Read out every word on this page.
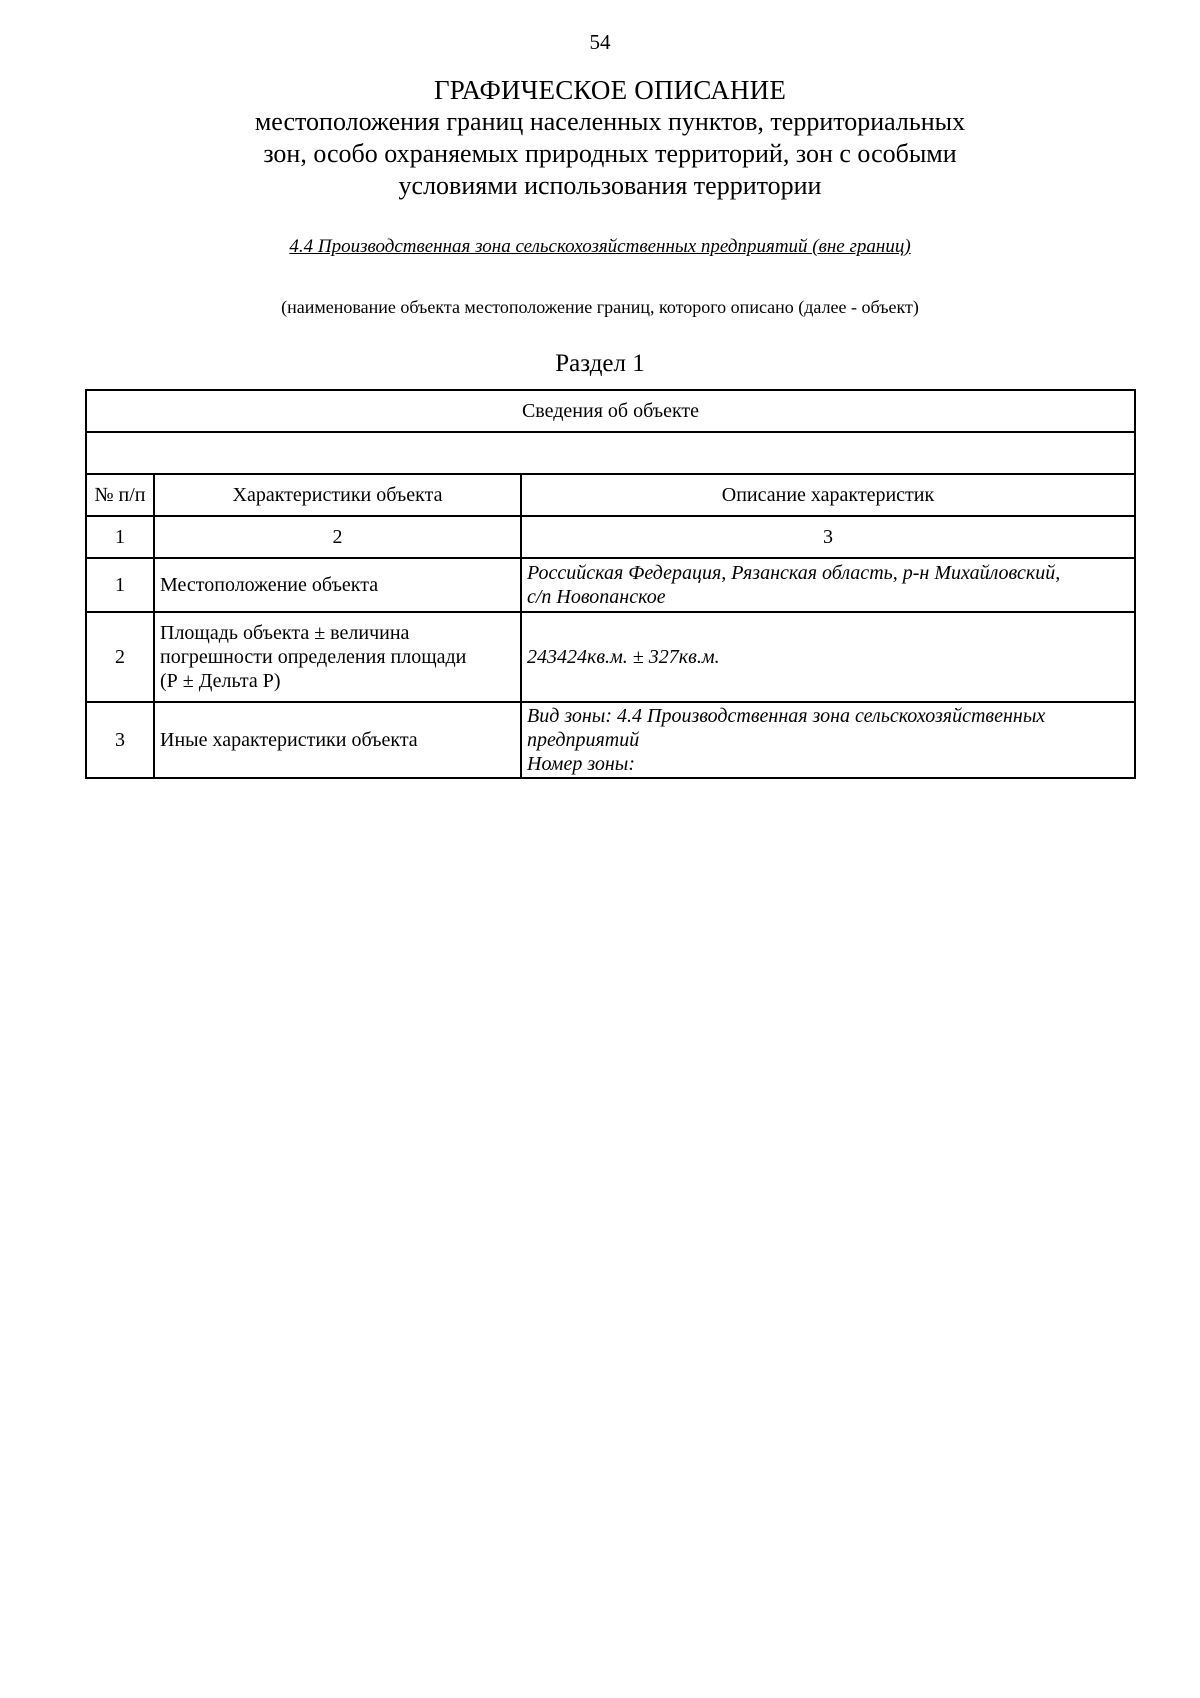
54
ГРАФИЧЕСКОЕ ОПИСАНИЕ
местоположения границ населенных пунктов, территориальных
зон, особо охраняемых природных территорий, зон с особыми
условиями использования территории
4.4 Производственная зона сельскохозяйственных предприятий (вне границ)
(наименование объекта местоположение границ, которого описано (далее - объект)
Раздел 1
Сведения об объекте		

№ п/п	Характеристики объекта	Описание характеристик
1	2	3
1	Местоположение объекта	Российская Федерация, Рязанская область, р-н Михайловский,
с/п Новопанское

2	Площадь объекта ± величина
погрешности определения площади
(Р ± Дельта Р)	243424кв.м. ± 327кв.м.

3	Иные характеристики объекта	Вид зоны: 4.4 Производственная зона сельскохозяйственных
предприятий
Номер зоны:
